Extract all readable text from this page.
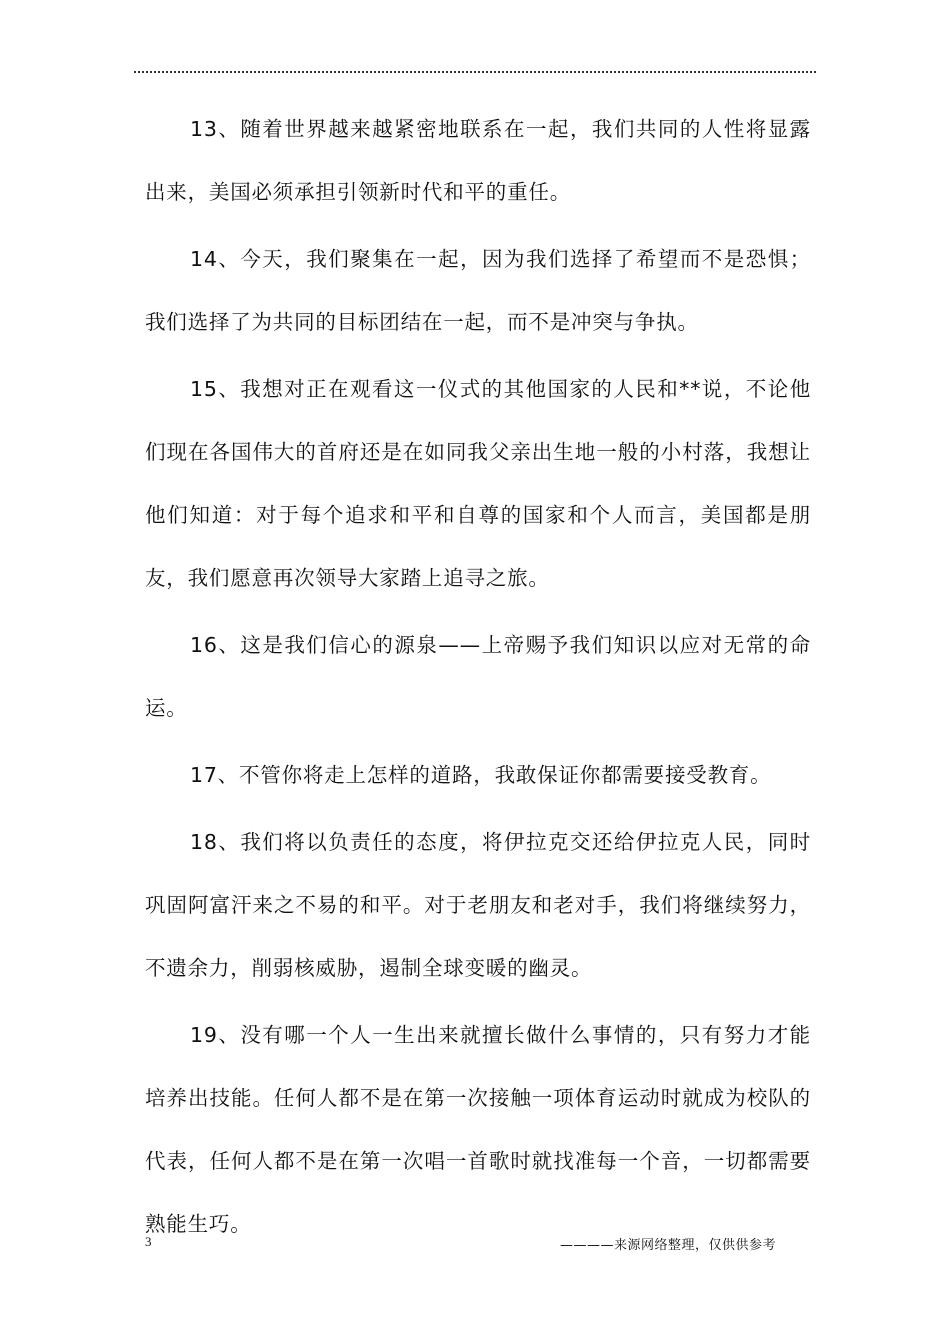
13、随着世界越来越紧密地联系在一起，我们共同的人性将显露出来，美国必须承担引领新时代和平的重任。

14、今天，我们聚集在一起，因为我们选择了希望而不是恐惧；我们选择了为共同的目标团结在一起，而不是冲突与争执。

15、我想对正在观看这一仪式的其他国家的人民和**说，不论他们现在各国伟大的首府还是在如同我父亲出生地一般的小村落，我想让他们知道：对于每个追求和平和自尊的国家和个人而言，美国都是朋友，我们愿意再次领导大家踏上追寻之旅。

16、这是我们信心的源泉——上帝赐予我们知识以应对无常的命运。

17、不管你将走上怎样的道路，我敢保证你都需要接受教育。

18、我们将以负责任的态度，将伊拉克交还给伊拉克人民，同时巩固阿富汗来之不易的和平。对于老朋友和老对手，我们将继续努力，不遗余力，削弱核威胁，遏制全球变暖的幽灵。

19、没有哪一个人一生出来就擅长做什么事情的，只有努力才能培养出技能。任何人都不是在第一次接触一项体育运动时就成为校队的代表，任何人都不是在第一次唱一首歌时就找准每一个音，一切都需要熟能生巧。

3	————来源网络整理，仅供供参考
